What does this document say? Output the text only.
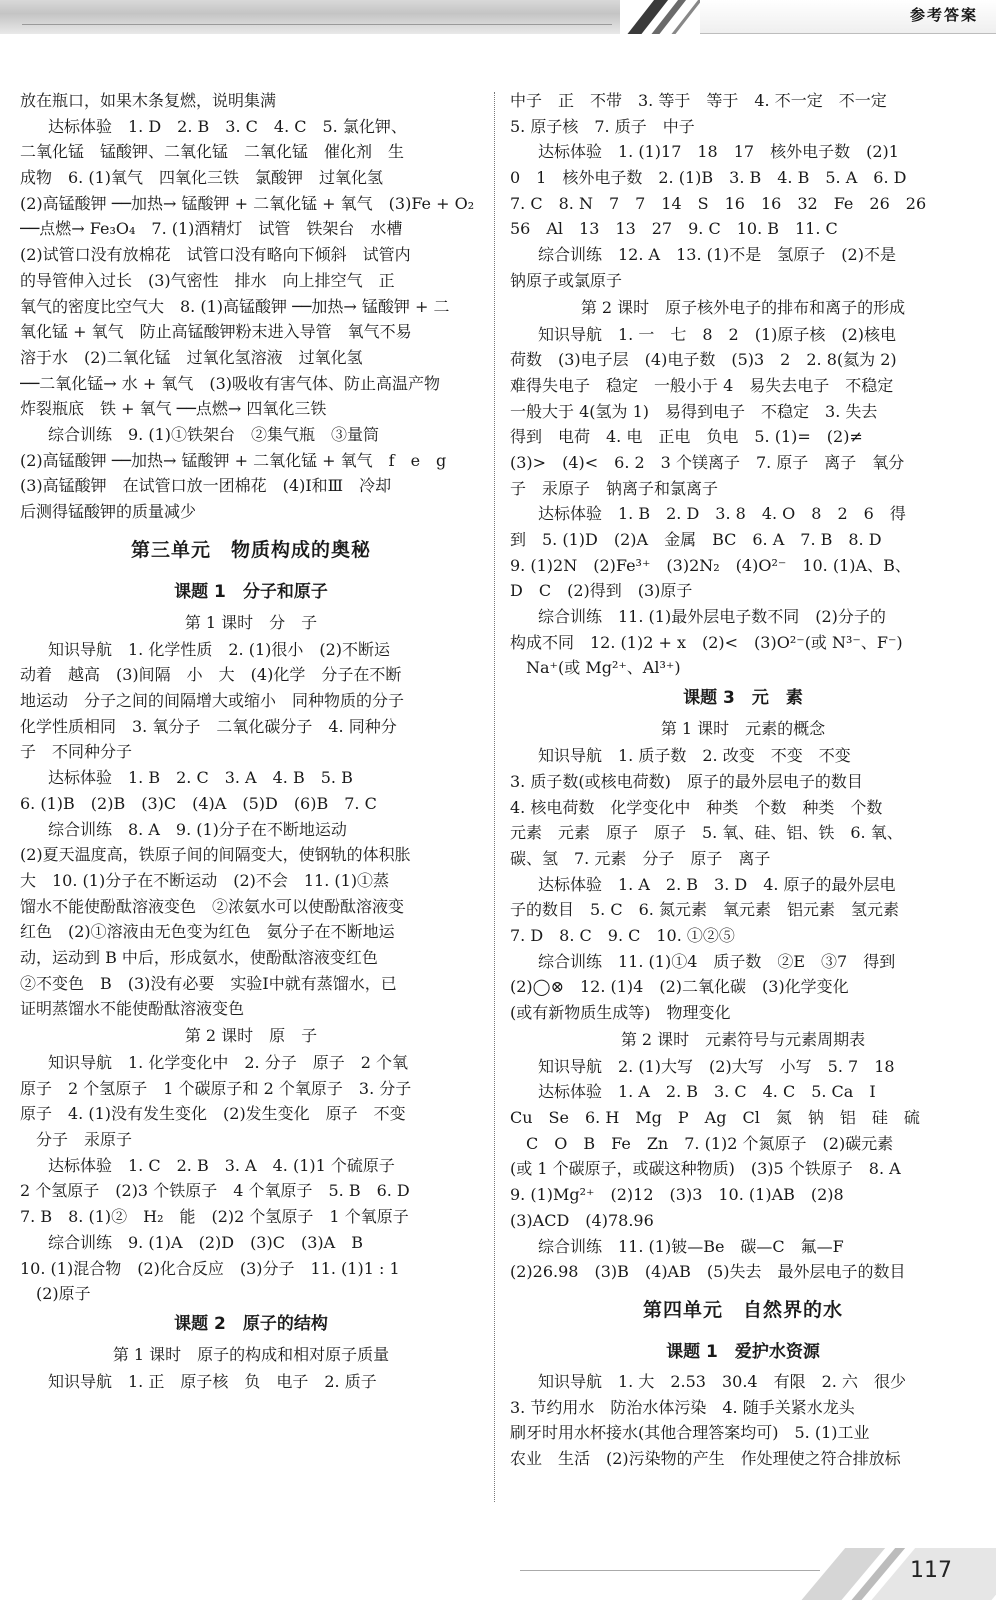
参考答案
放在瓶口，如果木条复燃，说明集满
达标体验　1. D　2. B　3. C　4. C　5. 氯化钾、
二氧化锰　锰酸钾、二氧化锰　二氧化锰　催化剂　生
成物　6. (1)氧气　四氧化三铁　氯酸钾　过氧化氢
(2)高锰酸钾 ──加热→ 锰酸钾 + 二氧化锰 + 氧气　(3)Fe + O₂
──点燃→ Fe₃O₄　7. (1)酒精灯　试管　铁架台　水槽
(2)试管口没有放棉花　试管口没有略向下倾斜　试管内
的导管伸入过长　(3)气密性　排水　向上排空气　正
氧气的密度比空气大　8. (1)高锰酸钾 ──加热→ 锰酸钾 + 二
氧化锰 + 氧气　防止高锰酸钾粉末进入导管　氧气不易
溶于水　(2)二氧化锰　过氧化氢溶液　过氧化氢
──二氧化锰→ 水 + 氧气　(3)吸收有害气体、防止高温产物
炸裂瓶底　铁 + 氧气 ──点燃→ 四氧化三铁
综合训练　9. (1)①铁架台　②集气瓶　③量筒
(2)高锰酸钾 ──加热→ 锰酸钾 + 二氧化锰 + 氧气　f　e　g
(3)高锰酸钾　在试管口放一团棉花　(4)Ⅰ和Ⅲ　冷却
后测得锰酸钾的质量减少
第三单元　物质构成的奥秘
课题 1　分子和原子
第 1 课时　分　子
知识导航　1. 化学性质　2. (1)很小　(2)不断运
动着　越高　(3)间隔　小　大　(4)化学　分子在不断
地运动　分子之间的间隔增大或缩小　同种物质的分子
化学性质相同　3. 氧分子　二氧化碳分子　4. 同种分
子　不同种分子
达标体验　1. B　2. C　3. A　4. B　5. B
6. (1)B　(2)B　(3)C　(4)A　(5)D　(6)B　7. C
综合训练　8. A　9. (1)分子在不断地运动
(2)夏天温度高，铁原子间的间隔变大，使钢轨的体积胀
大　10. (1)分子在不断运动　(2)不会　11. (1)①蒸
馏水不能使酚酞溶液变色　②浓氨水可以使酚酞溶液变
红色　(2)①溶液由无色变为红色　氨分子在不断地运
动，运动到 B 中后，形成氨水，使酚酞溶液变红色
②不变色　B　(3)没有必要　实验Ⅰ中就有蒸馏水，已
证明蒸馏水不能使酚酞溶液变色
第 2 课时　原　子
知识导航　1. 化学变化中　2. 分子　原子　2 个氧
原子　2 个氢原子　1 个碳原子和 2 个氧原子　3. 分子
原子　4. (1)没有发生变化　(2)发生变化　原子　不变
　分子　汞原子
达标体验　1. C　2. B　3. A　4. (1)1 个硫原子
2 个氢原子　(2)3 个铁原子　4 个氧原子　5. B　6. D
7. B　8. (1)②　H₂　能　(2)2 个氢原子　1 个氧原子
综合训练　9. (1)A　(2)D　(3)C　(3)A　B
10. (1)混合物　(2)化合反应　(3)分子　11. (1)1 : 1
　(2)原子
课题 2　原子的结构
第 1 课时　原子的构成和相对原子质量
知识导航　1. 正　原子核　负　电子　2. 质子
中子　正　不带　3. 等于　等于　4. 不一定　不一定
5. 原子核　7. 质子　中子
达标体验　1. (1)17　18　17　核外电子数　(2)1
0　1　核外电子数　2. (1)B　3. B　4. B　5. A　6. D
7. C　8. N　7　7　14　S　16　16　32　Fe　26　26
56　Al　13　13　27　9. C　10. B　11. C
综合训练　12. A　13. (1)不是　氢原子　(2)不是
钠原子或氯原子
第 2 课时　原子核外电子的排布和离子的形成
知识导航　1. 一　七　8　2　(1)原子核　(2)核电
荷数　(3)电子层　(4)电子数　(5)3　2　2. 8(氦为 2)
难得失电子　稳定　一般小于 4　易失去电子　不稳定
一般大于 4(氢为 1)　易得到电子　不稳定　3. 失去
得到　电荷　4. 电　正电　负电　5. (1)=　(2)≠
(3)>　(4)<　6. 2　3 个镁离子　7. 原子　离子　氧分
子　汞原子　钠离子和氯离子
达标体验　1. B　2. D　3. 8　4. O　8　2　6　得
到　5. (1)D　(2)A　金属　BC　6. A　7. B　8. D
9. (1)2N　(2)Fe³⁺　(3)2N₂　(4)O²⁻　10. (1)A、B、
D　C　(2)得到　(3)原子
综合训练　11. (1)最外层电子数不同　(2)分子的
构成不同　12. (1)2 + x　(2)<　(3)O²⁻(或 N³⁻、F⁻)
　Na⁺(或 Mg²⁺、Al³⁺)
课题 3　元　素
第 1 课时　元素的概念
知识导航　1. 质子数　2. 改变　不变　不变
3. 质子数(或核电荷数)　原子的最外层电子的数目
4. 核电荷数　化学变化中　种类　个数　种类　个数
元素　元素　原子　原子　5. 氧、硅、铝、铁　6. 氧、
碳、氢　7. 元素　分子　原子　离子
达标体验　1. A　2. B　3. D　4. 原子的最外层电
子的数目　5. C　6. 氮元素　氧元素　铝元素　氢元素
7. D　8. C　9. C　10. ①②⑤
综合训练　11. (1)①4　质子数　②E　③7　得到
(2)◯⊗　12. (1)4　(2)二氧化碳　(3)化学变化
(或有新物质生成等)　物理变化
第 2 课时　元素符号与元素周期表
知识导航　2. (1)大写　(2)大写　小写　5. 7　18
达标体验　1. A　2. B　3. C　4. C　5. Ca　I
Cu　Se　6. H　Mg　P　Ag　Cl　氮　钠　铝　硅　硫
　C　O　B　Fe　Zn　7. (1)2 个氮原子　(2)碳元素
(或 1 个碳原子，或碳这种物质)　(3)5 个铁原子　8. A
9. (1)Mg²⁺　(2)12　(3)3　10. (1)AB　(2)8
(3)ACD　(4)78.96
综合训练　11. (1)铍—Be　碳—C　氟—F
(2)26.98　(3)B　(4)AB　(5)失去　最外层电子的数目
第四单元　自然界的水
课题 1　爱护水资源
知识导航　1. 大　2.53　30.4　有限　2. 六　很少
3. 节约用水　防治水体污染　4. 随手关紧水龙头
刷牙时用水杯接水(其他合理答案均可)　5. (1)工业
农业　生活　(2)污染物的产生　作处理使之符合排放标
117
